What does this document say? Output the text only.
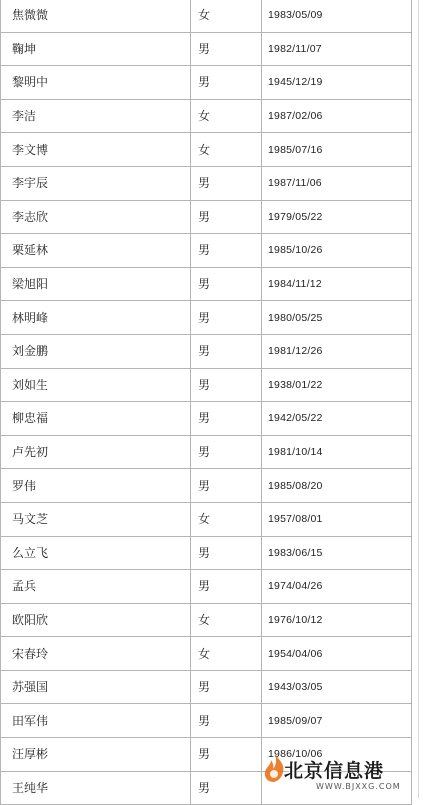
焦微微	女	1983/05/09
鞠坤	男	1982/11/07
黎明中	男	1945/12/19
李洁	女	1987/02/06
李文博	女	1985/07/16
李宇辰	男	1987/11/06
李志欣	男	1979/05/22
栗延林	男	1985/10/26
梁旭阳	男	1984/11/12
林明峰	男	1980/05/25
刘金鹏	男	1981/12/26
刘如生	男	1938/01/22
柳忠福	男	1942/05/22
卢先初	男	1981/10/14
罗伟	男	1985/08/20
马文芝	女	1957/08/01
么立飞	男	1983/06/15
孟兵	男	1974/04/26
欧阳欣	女	1976/10/12
宋春玲	女	1954/04/06
苏强国	男	1943/03/05
田军伟	男	1985/09/07
汪厚彬	男	1986/10/06
王纯华	男	
北京信息港
WWW.BJXXG.COM
